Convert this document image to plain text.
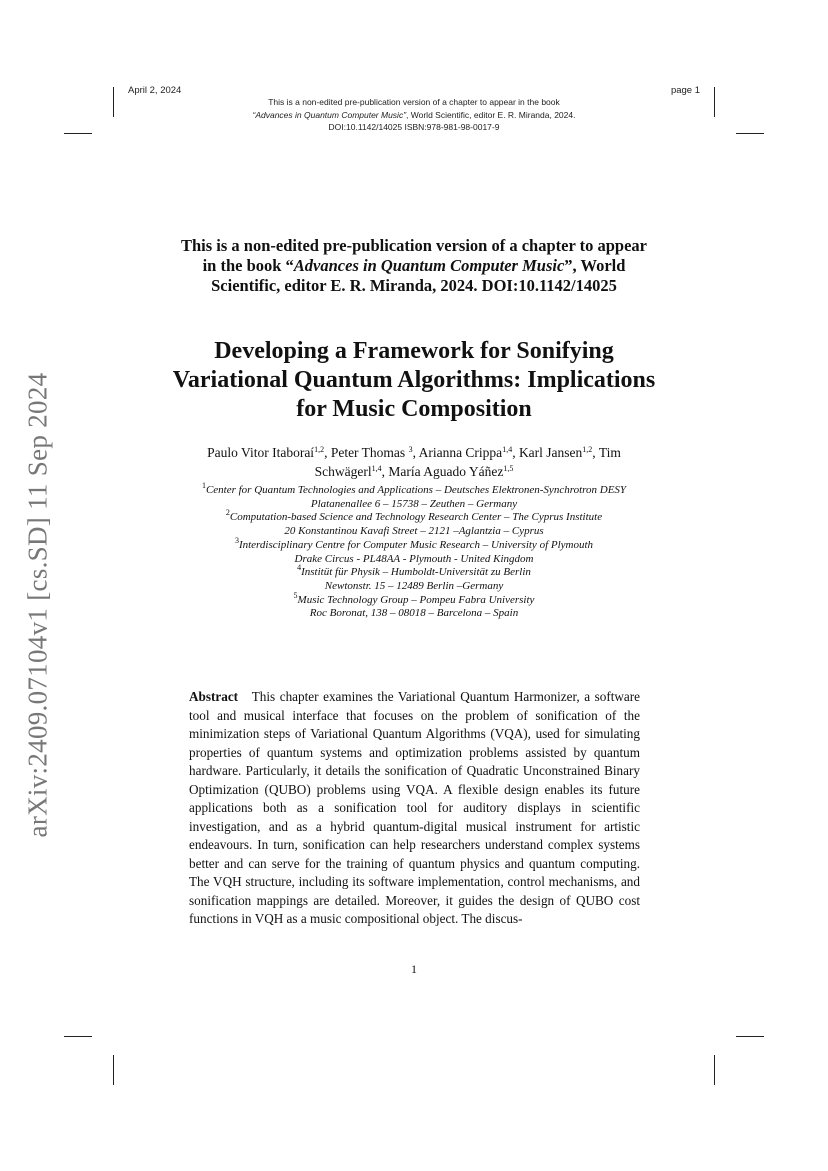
April 2, 2024	page 1
This is a non-edited pre-publication version of a chapter to appear in the book
“Advances in Quantum Computer Music”, World Scientific, editor E. R. Miranda, 2024.
DOI:10.1142/14025 ISBN:978-981-98-0017-9
arXiv:2409.07104v1 [cs.SD] 11 Sep 2024
This is a non-edited pre-publication version of a chapter to appear in the book “Advances in Quantum Computer Music”, World Scientific, editor E. R. Miranda, 2024. DOI:10.1142/14025
Developing a Framework for Sonifying Variational Quantum Algorithms: Implications for Music Composition
Paulo Vitor Itaboraí$^{1,2}$, Peter Thomas $^3$, Arianna Crippa$^{1,4}$, Karl Jansen$^{1,2}$, Tim Schwägerl$^{1,4}$, María Aguado Yáñez$^{1,5}$
$^1$Center for Quantum Technologies and Applications – Deutsches Elektronen-Synchrotron DESY
Platanenallee 6 – 15738 – Zeuthen – Germany
$^2$Computation-based Science and Technology Research Center – The Cyprus Institute
20 Konstantinou Kavafi Street – 2121 –Aglantzia – Cyprus
$^3$Interdisciplinary Centre for Computer Music Research – University of Plymouth
Drake Circus - PL48AA - Plymouth - United Kingdom
$^4$Institüt für Physik – Humboldt-Universität zu Berlin
Newtonstr. 15 – 12489 Berlin –Germany
$^5$Music Technology Group – Pompeu Fabra University
Roc Boronat, 138 – 08018 – Barcelona – Spain
Abstract This chapter examines the Variational Quantum Harmonizer, a software tool and musical interface that focuses on the problem of sonification of the minimization steps of Variational Quantum Algorithms (VQA), used for simulating properties of quantum systems and optimization problems assisted by quantum hardware. Particularly, it details the sonification of Quadratic Unconstrained Binary Optimization (QUBO) problems using VQA. A flexible design enables its future applications both as a sonification tool for auditory displays in scientific investigation, and as a hybrid quantum-digital musical instrument for artistic endeavours. In turn, sonification can help researchers understand complex systems better and can serve for the training of quantum physics and quantum computing. The VQH structure, including its software implementation, control mechanisms, and sonification mappings are detailed. Moreover, it guides the design of QUBO cost functions in VQH as a music compositional object. The discus-
1
